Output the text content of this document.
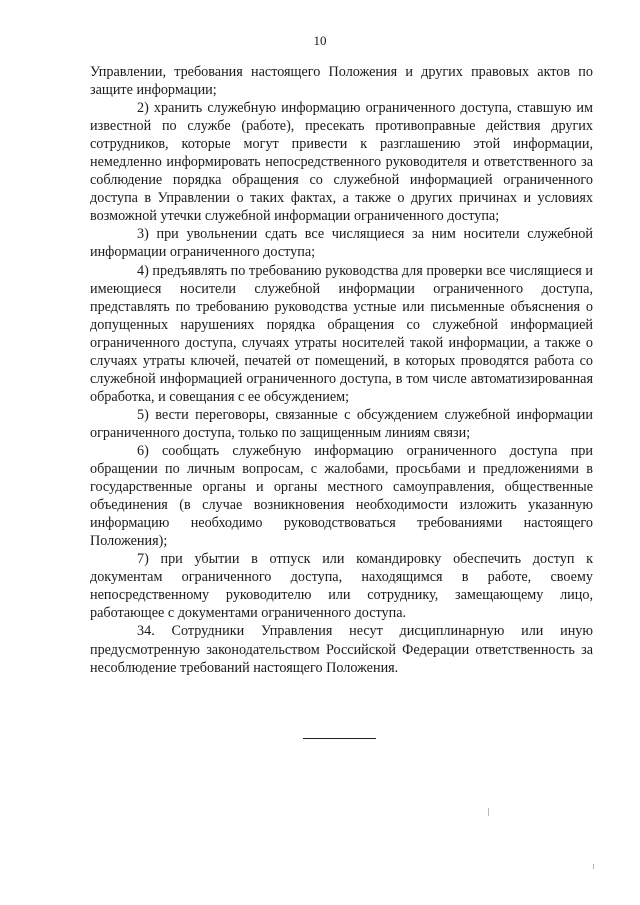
10

Управлении, требования настоящего Положения и других правовых актов по защите информации;

2) хранить служебную информацию ограниченного доступа, ставшую им известной по службе (работе), пресекать противоправные действия других сотрудников, которые могут привести к разглашению этой информации, немедленно информировать непосредственного руководителя и ответственного за соблюдение порядка обращения со служебной информацией ограниченного доступа в Управлении о таких фактах, а также о других причинах и условиях возможной утечки служебной информации ограниченного доступа;

3) при увольнении сдать все числящиеся за ним носители служебной информации ограниченного доступа;

4) предъявлять по требованию руководства для проверки все числящиеся и имеющиеся носители служебной информации ограниченного доступа, представлять по требованию руководства устные или письменные объяснения о допущенных нарушениях порядка обращения со служебной информацией ограниченного доступа, случаях утраты носителей такой информации, а также о случаях утраты ключей, печатей от помещений, в которых проводятся работа со служебной информацией ограниченного доступа, в том числе автоматизированная обработка, и совещания с ее обсуждением;

5) вести переговоры, связанные с обсуждением служебной информации ограниченного доступа, только по защищенным линиям связи;

6) сообщать служебную информацию ограниченного доступа при обращении по личным вопросам, с жалобами, просьбами и предложениями в государственные органы и органы местного самоуправления, общественные объединения (в случае возникновения необходимости изложить указанную информацию необходимо руководствоваться требованиями настоящего Положения);

7) при убытии в отпуск или командировку обеспечить доступ к документам ограниченного доступа, находящимся в работе, своему непосредственному руководителю или сотруднику, замещающему лицо, работающее с документами ограниченного доступа.

34. Сотрудники Управления несут дисциплинарную или иную предусмотренную законодательством Российской Федерации ответственность за несоблюдение требований настоящего Положения.
